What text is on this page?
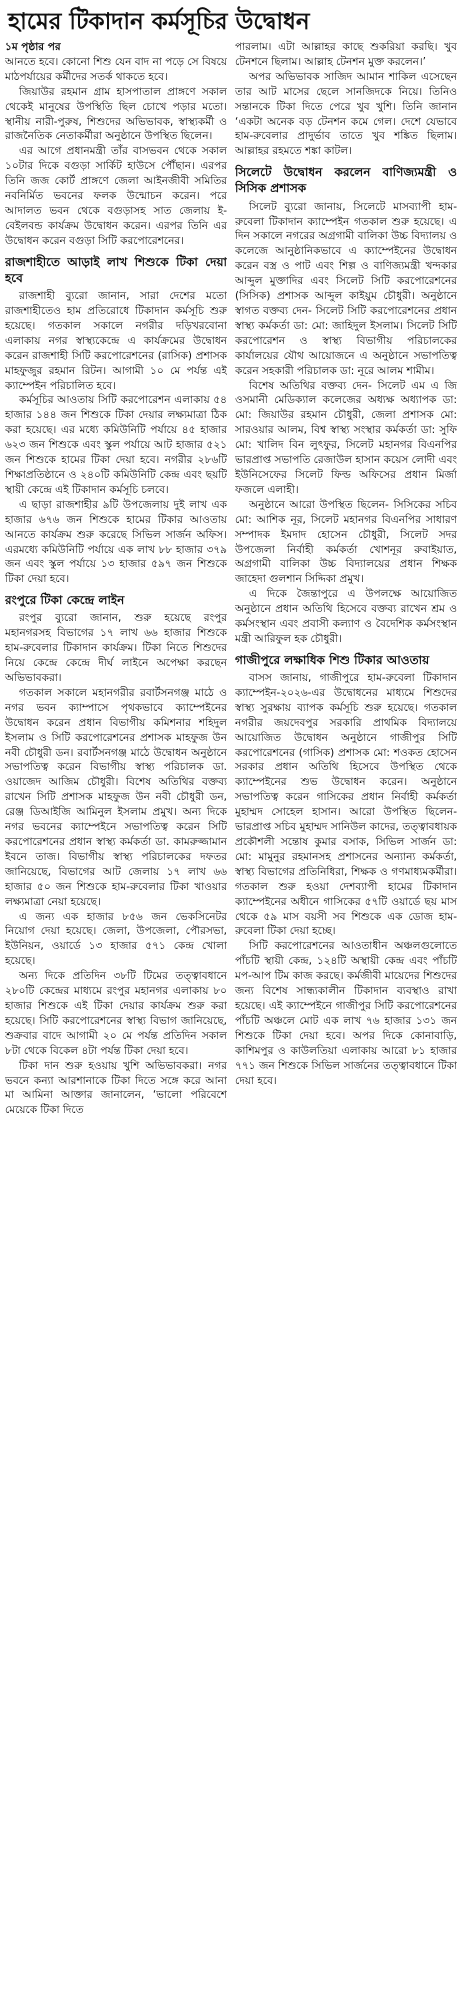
হামের টিকাদান কর্মসূচির উদ্বোধন

১ম পৃষ্ঠার পর

আনতে হবে। কোনো শিশু যেন বাদ না পড়ে সে বিষয়ে মাঠপর্যায়ের কর্মীদের সতর্ক থাকতে হবে।

জিয়াউর রহমান গ্রাম হাসপাতাল প্রাঙ্গণে সকাল থেকেই মানুষের উপস্থিতি ছিল চোখে পড়ার মতো। স্থানীয় নারী-পুরুষ, শিশুদের অভিভাবক, স্বাস্থ্যকর্মী ও রাজনৈতিক নেতাকর্মীরা অনুষ্ঠানে উপস্থিত ছিলেন।

এর আগে প্রধানমন্ত্রী তাঁর বাসভবন থেকে সকাল ১০টার দিকে বগুড়া সার্কিট হাউসে পৌঁছান। এরপর তিনি জজ কোর্ট প্রাঙ্গণে জেলা আইনজীবী সমিতির নবনির্মিত ভবনের ফলক উন্মোচন করেন। পরে আদালত ভবন থেকে বগুড়াসহ সাত জেলায় ই-বেইলবন্ড কার্যক্রম উদ্বোধন করেন। এরপর তিনি এর উদ্বোধন করেন বগুড়া সিটি করপোরেশনের।

রাজশাহীতে আড়াই লাখ শিশুকে টিকা দেয়া হবে

রাজশাহী ব্যুরো জানান, সারা দেশের মতো রাজশাহীতেও হাম প্রতিরোধে টিকাদান কর্মসূচি শুরু হয়েছে। গতকাল সকালে নগরীর দড়িখরবোনা এলাকায় নগর স্বাস্থ্যকেন্দ্রে এ কার্যক্রমের উদ্বোধন করেন রাজশাহী সিটি করপোরেশনের (রাসিক) প্রশাসক মাহফুজুর রহমান রিটন। আগামী ১০ মে পর্যন্ত এই ক্যাম্পেইন পরিচালিত হবে।

কর্মসূচির আওতায় সিটি করপোরেশন এলাকায় ৫৪ হাজার ১৪৪ জন শিশুকে টিকা দেয়ার লক্ষ্যমাত্রা ঠিক করা হয়েছে। এর মধ্যে কমিউনিটি পর্যায়ে ৪৫ হাজার ৬২৩ জন শিশুকে এবং স্কুল পর্যায়ে আট হাজার ৫২১ জন শিশুকে হামের টিকা দেয়া হবে। নগরীর ২৮৬টি শিক্ষাপ্রতিষ্ঠানে ও ২৪০টি কমিউনিটি কেন্দ্র এবং ছয়টি স্থায়ী কেন্দ্রে এই টিকাদান কর্মসূচি চলবে।

এ ছাড়া রাজশাহীর ৯টি উপজেলায় দুই লাখ এক হাজার ৬৭৬ জন শিশুকে হামের টিকার আওতায় আনতে কার্যক্রম শুরু করেছে সিভিল সার্জন অফিস। এরমধ্যে কমিউনিটি পর্যায়ে এক লাখ ৮৮ হাজার ৩৭৯ জন এবং স্কুল পর্যায়ে ১৩ হাজার ৫৯৭ জন শিশুকে টিকা দেয়া হবে।

রংপুরে টিকা কেন্দ্রে লাইন

রংপুর ব্যুরো জানান, শুরু হয়েছে রংপুর মহানগরসহ বিভাগের ১৭ লাখ ৬৬ হাজার শিশুকে হাম-রুবেলার টিকাদান কার্যক্রম। টিকা নিতে শিশুদের নিয়ে কেন্দ্রে কেন্দ্রে দীর্ঘ লাইনে অপেক্ষা করছেন অভিভাবকরা।

গতকাল সকালে মহানগরীর রবার্টসনগঞ্জ মাঠে ও নগর ভবন ক্যাম্পাসে পৃথকভাবে ক্যাম্পেইনের উদ্বোধন করেন প্রধান বিভাগীয় কমিশনার শহিদুল ইসলাম ও সিটি করপোরেশনের প্রশাসক মাহফুজ উন নবী চৌধুরী ডন। রবার্টসনগঞ্জ মাঠে উদ্বোধন অনুষ্ঠানে সভাপতিত্ব করেন বিভাগীয় স্বাস্থ্য পরিচালক ডা. ওয়াজেদ আজিম চৌধুরী। বিশেষ অতিথির বক্তব্য রাখেন সিটি প্রশাসক মাহফুজ উন নবী চৌধুরী ডন, রেঞ্জ ডিআইজি আমিনুল ইসলাম প্রমুখ। অন্য দিকে নগর ভবনের ক্যাম্পেইনে সভাপতিত্ব করেন সিটি করপোরেশনের প্রধান স্বাস্থ্য কর্মকর্তা ডা. কামরুজ্জামান ইবনে তাজ। বিভাগীয় স্বাস্থ্য পরিচালকের দফতর জানিয়েছে, বিভাগের আট জেলায় ১৭ লাখ ৬৬ হাজার ৫০ জন শিশুকে হাম-রুবেলার টিকা খাওয়ার লক্ষ্যমাত্রা নেয়া হয়েছে।

এ জন্য এক হাজার ৮৫৬ জন ভেকসিনেটর নিয়োগ দেয়া হয়েছে। জেলা, উপজেলা, পৌরসভা, ইউনিয়ন, ওয়ার্ডে ১৩ হাজার ৫৭১ কেন্দ্র খোলা হয়েছে।

অন্য দিকে প্রতিদিন ৩৮টি টিমের তত্ত্বাবধানে ২৮০টি কেন্দ্রের মাধ্যমে রংপুর মহানগর এলাকায় ৮০ হাজার শিশুকে এই টিকা দেয়ার কার্যক্রম শুরু করা হয়েছে। সিটি করপোরেশনের স্বাস্থ্য বিভাগ জানিয়েছে, শুক্রবার বাদে আগামী ২০ মে পর্যন্ত প্রতিদিন সকাল ৮টা থেকে বিকেল ৪টা পর্যন্ত টিকা দেয়া হবে।

টিকা দান শুরু হওয়ায় খুশি অভিভাবকরা। নগর ভবনে কন্যা আরশানাকে টিকা দিতে সঙ্গে করে আনা মা আমিনা আক্তার জানালেন, ‘ভালো পরিবেশে মেয়েকে টিকা দিতে

পারলাম। এটা আল্লাহর কাছে শুকরিয়া করছি। খুব টেনশনে ছিলাম। আল্লাহ টেনশন মুক্ত করলেন।’

অপর অভিভাবক সাজিদ আমান শাকিল এসেছেন তার আট মাসের ছেলে সানজিদকে নিয়ে। তিনিও সন্তানকে টিকা দিতে পেরে খুব খুশি। তিনি জানান ‘একটা অনেক বড় টেনশন কমে গেল। দেশে যেভাবে হাম-রুবেলার প্রাদুর্ভাব তাতে খুব শঙ্কিত ছিলাম। আল্লাহর রহমতে শঙ্কা কাটল।

সিলেটে উদ্বোধন করলেন বাণিজ্যমন্ত্রী ও সিসিক প্রশাসক

সিলেট ব্যুরো জানায়, সিলেটে মাসব্যাপী হাম-রুবেলা টিকাদান ক্যাম্পেইন গতকাল শুরু হয়েছে। এ দিন সকালে নগরের অগ্রগামী বালিকা উচ্চ বিদ্যালয় ও কলেজে আনুষ্ঠানিকভাবে এ ক্যাম্পেইনের উদ্বোধন করেন বস্ত্র ও পাট এবং শিল্প ও বাণিজ্যমন্ত্রী খন্দকার আব্দুল মুক্তাদির এবং সিলেট সিটি করপোরেশনের (সিসিক) প্রশাসক আব্দুল কাইয়ুম চৌধুরী। অনুষ্ঠানে স্বাগত বক্তব্য দেন- সিলেট সিটি করপোরেশনের প্রধান স্বাস্থ্য কর্মকর্তা ডা: মো: জাহিদুল ইসলাম। সিলেট সিটি করপোরেশন ও স্বাস্থ্য বিভাগীয় পরিচালকের কার্যালয়ের যৌথ আয়োজনে এ অনুষ্ঠানে সভাপতিত্ব করেন সহকারী পরিচালক ডা: নূরে আলম শামীম।

বিশেষ অতিথির বক্তব্য দেন- সিলেট এম এ জি ওসমানী মেডিক্যাল কলেজের অধ্যক্ষ অধ্যাপক ডা: মো: জিয়াউর রহমান চৌধুরী, জেলা প্রশাসক মো: সারওয়ার আলম, বিশ্ব স্বাস্থ্য সংস্থার কর্মকর্তা ডা: সুফি মো: খালিদ বিন লুৎফুর, সিলেট মহানগর বিএনপির ভারপ্রাপ্ত সভাপতি রেজাউল হাসান কয়েস লোদী এবং ইউনিসেফের সিলেট ফিল্ড অফিসের প্রধান মির্জা ফজলে এলাহী।

অনুষ্ঠানে আরো উপস্থিত ছিলেন- সিসিকের সচিব মো: আশিক নূর, সিলেট মহানগর বিএনপির সাধারণ সম্পাদক ইমদাদ হোসেন চৌধুরী, সিলেট সদর উপজেলা নির্বাহী কর্মকর্তা খোশনূর রুবাইয়াত, অগ্রগামী বালিকা উচ্চ বিদ্যালয়ের প্রধান শিক্ষক জাহেদা গুলশান সিদ্দিকা প্রমুখ।

এ দিকে জৈন্তাপুরে এ উপলক্ষে আয়োজিত অনুষ্ঠানে প্রধান অতিথি হিসেবে বক্তব্য রাখেন শ্রম ও কর্মসংস্থান এবং প্রবাসী কল্যাণ ও বৈদেশিক কর্মসংস্থান মন্ত্রী আরিফুল হক চৌধুরী।

গাজীপুরে লক্ষাধিক শিশু টিকার আওতায়

বাসস জানায়, গাজীপুরে হাম-রুবেলা টিকাদান ক্যাম্পেইন-২০২৬-এর উদ্বোধনের মাধ্যমে শিশুদের স্বাস্থ্য সুরক্ষায় ব্যাপক কর্মসূচি শুরু হয়েছে। গতকাল নগরীর জয়দেবপুর সরকারি প্রাথমিক বিদ্যালয়ে আয়োজিত উদ্বোধন অনুষ্ঠানে গাজীপুর সিটি করপোরেশনের (গাসিক) প্রশাসক মো: শওকত হোসেন সরকার প্রধান অতিথি হিসেবে উপস্থিত থেকে ক্যাম্পেইনের শুভ উদ্বোধন করেন। অনুষ্ঠানে সভাপতিত্ব করেন গাসিকের প্রধান নির্বাহী কর্মকর্তা মুহাম্মদ সোহেল হাসান। আরো উপস্থিত ছিলেন- ভারপ্রাপ্ত সচিব মুহাম্মদ সানিউল কাদের, তত্ত্বাবধায়ক প্রকৌশলী সন্তোষ কুমার বসাক, সিভিল সার্জন ডা: মো: মামুনুর রহমানসহ প্রশাসনের অন্যান্য কর্মকর্তা, স্বাস্থ্য বিভাগের প্রতিনিধিরা, শিক্ষক ও গণমাধ্যমকর্মীরা। গতকাল শুরু হওয়া দেশব্যাপী হামের টিকাদান ক্যাম্পেইনের অধীনে গাসিকের ৫৭টি ওয়ার্ডে ছয় মাস থেকে ৫৯ মাস বয়সী সব শিশুকে এক ডোজ হাম-রুবেলা টিকা দেয়া হচ্ছে।

সিটি করপোরেশনের আওতাধীন অঞ্চলগুলোতে পাঁচটি স্থায়ী কেন্দ্র, ১২৪টি অস্থায়ী কেন্দ্র এবং পাঁচটি মপ-আপ টিম কাজ করছে। কর্মজীবী মায়েদের শিশুদের জন্য বিশেষ সান্ধ্যকালীন টিকাদান ব্যবস্থাও রাখা হয়েছে। এই ক্যাম্পেইনে গাজীপুর সিটি করপোরেশনের পাঁচটি অঞ্চলে মোট এক লাখ ৭৬ হাজার ১৩১ জন শিশুকে টিকা দেয়া হবে। অপর দিকে কোনাবাড়ি, কাশিমপুর ও কাউলতিয়া এলাকায় আরো ৮১ হাজার ৭৭১ জন শিশুকে সিভিল সার্জনের তত্ত্বাবধানে টিকা দেয়া হবে।
